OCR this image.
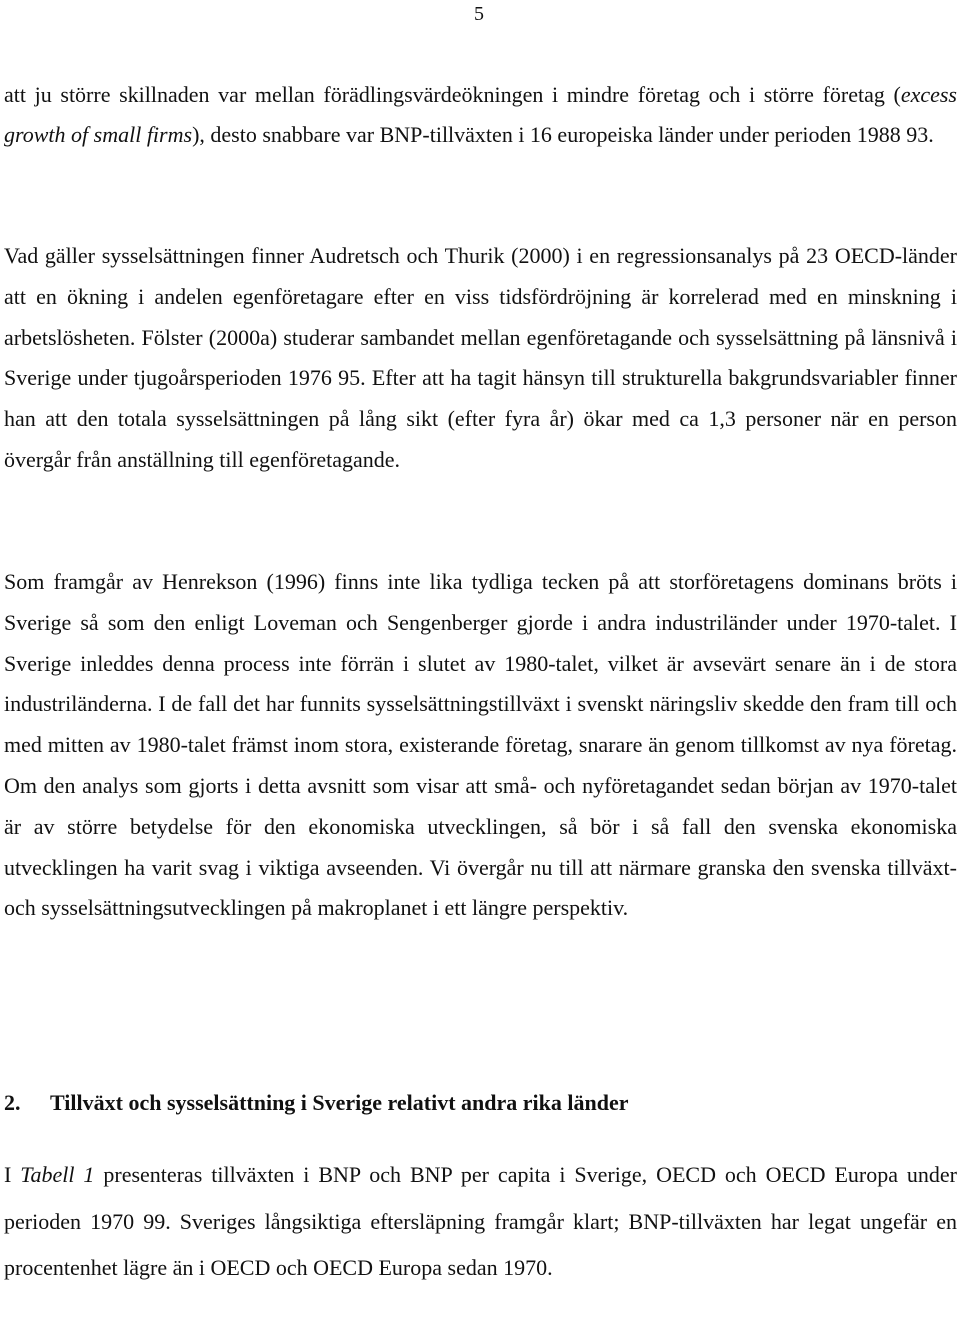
5

att ju större skillnaden var mellan förädlingsvärdeökningen i mindre företag och i större företag (excess growth of small firms), desto snabbare var BNP-tillväxten i 16 europeiska länder under perioden 1988 93.

Vad gäller sysselsättningen finner Audretsch och Thurik (2000) i en regressionsanalys på 23 OECD-länder att en ökning i andelen egenföretagare efter en viss tidsfördröjning är korrelerad med en minskning i arbetslösheten. Fölster (2000a) studerar sambandet mellan egenföretagande och sysselsättning på länsnivå i Sverige under tjugoårsperioden 1976 95. Efter att ha tagit hänsyn till strukturella bakgrundsvariabler finner han att den totala sysselsättningen på lång sikt (efter fyra år) ökar med ca 1,3 personer när en person övergår från anställning till egenföretagande.

Som framgår av Henrekson (1996) finns inte lika tydliga tecken på att storföretagens dominans bröts i Sverige så som den enligt Loveman och Sengenberger gjorde i andra industriländer under 1970-talet. I Sverige inleddes denna process inte förrän i slutet av 1980-talet, vilket är avsevärt senare än i de stora industriländerna. I de fall det har funnits sysselsättningstillväxt i svenskt näringsliv skedde den fram till och med mitten av 1980-talet främst inom stora, existerande företag, snarare än genom tillkomst av nya företag. Om den analys som gjorts i detta avsnitt som visar att små- och nyföretagandet sedan början av 1970-talet är av större betydelse för den ekonomiska utvecklingen, så bör i så fall den svenska ekonomiska utvecklingen ha varit svag i viktiga avseenden. Vi övergår nu till att närmare granska den svenska tillväxt- och sysselsättningsutvecklingen på makroplanet i ett längre perspektiv.

2. Tillväxt och sysselsättning i Sverige relativt andra rika länder

I Tabell 1 presenteras tillväxten i BNP och BNP per capita i Sverige, OECD och OECD Europa under perioden 1970 99. Sveriges långsiktiga eftersläpning framgår klart; BNP-tillväxten har legat ungefär en procentenhet lägre än i OECD och OECD Europa sedan 1970.
